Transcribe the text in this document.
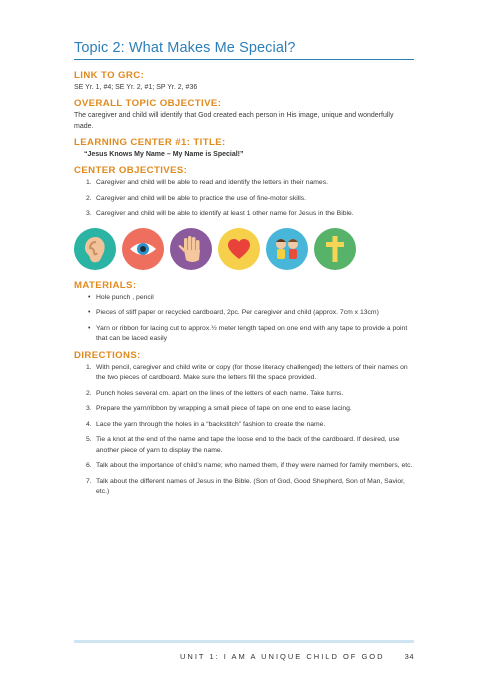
Topic 2: What Makes Me Special?

LINK TO GRC:

SE Yr. 1, #4; SE Yr. 2, #1; SP Yr. 2, #36

OVERALL TOPIC OBJECTIVE:

The caregiver and child will identify that God created each person in His image, unique and wonderfully made.

LEARNING CENTER #1: TITLE:

“Jesus Knows My Name – My Name is Special!”

CENTER OBJECTIVES:

1. Caregiver and child will be able to read and identify the letters in their names.
2. Caregiver and child will be able to practice the use of fine-motor skills.
3. Caregiver and child will be able to identify at least 1 other name for Jesus in the Bible.

MATERIALS:

• Hole punch , pencil
• Pieces of stiff paper or recycled cardboard, 2pc. Per caregiver and child (approx. 7cm x 13cm)
• Yarn or ribbon for lacing cut to approx.½ meter length taped on one end with any tape to provide a point that can be laced easily

DIRECTIONS:

1. With pencil, caregiver and child write or copy (for those literacy challenged) the letters of their names on the two pieces of cardboard. Make sure the letters fill the space provided.
2. Punch holes several cm. apart on the lines of the letters of each name. Take turns.
3. Prepare the yarn/ribbon by wrapping a small piece of tape on one end to ease lacing.
4. Lace the yarn through the holes in a “backstitch” fashion to create the name.
5. Tie a knot at the end of the name and tape the loose end to the back of the cardboard. If desired, use another piece of yarn to display the name.
6. Talk about the importance of child’s name; who named them, if they were named for family members, etc.
7. Talk about the different names of Jesus in the Bible. (Son of God, Good Shepherd, Son of Man, Savior, etc.)
UNIT 1: I AM A UNIQUE CHILD OF GOD	34
